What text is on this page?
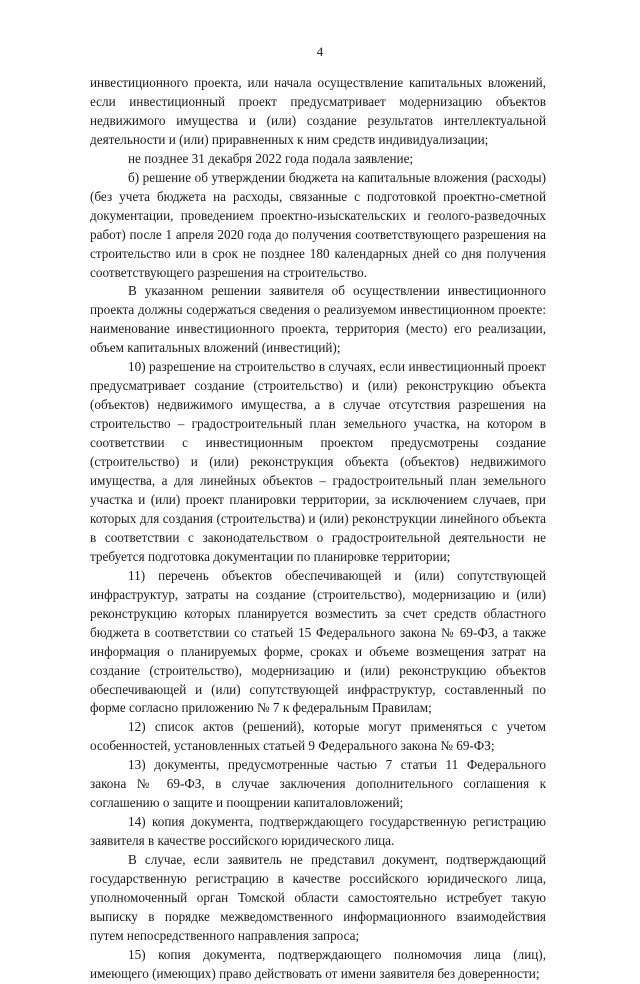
4

инвестиционного проекта, или начала осуществление капитальных вложений, если инвестиционный проект предусматривает модернизацию объектов недвижимого имущества и (или) создание результатов интеллектуальной деятельности и (или) приравненных к ним средств индивидуализации;

не позднее 31 декабря 2022 года подала заявление;

б) решение об утверждении бюджета на капитальные вложения (расходы) (без учета бюджета на расходы, связанные с подготовкой проектно-сметной документации, проведением проектно-изыскательских и геолого-разведочных работ) после 1 апреля 2020 года до получения соответствующего разрешения на строительство или в срок не позднее 180 календарных дней со дня получения соответствующего разрешения на строительство.

В указанном решении заявителя об осуществлении инвестиционного проекта должны содержаться сведения о реализуемом инвестиционном проекте: наименование инвестиционного проекта, территория (место) его реализации, объем капитальных вложений (инвестиций);

10) разрешение на строительство в случаях, если инвестиционный проект предусматривает создание (строительство) и (или) реконструкцию объекта (объектов) недвижимого имущества, а в случае отсутствия разрешения на строительство – градостроительный план земельного участка, на котором в соответствии с инвестиционным проектом предусмотрены создание (строительство) и (или) реконструкция объекта (объектов) недвижимого имущества, а для линейных объектов – градостроительный план земельного участка и (или) проект планировки территории, за исключением случаев, при которых для создания (строительства) и (или) реконструкции линейного объекта в соответствии с законодательством о градостроительной деятельности не требуется подготовка документации по планировке территории;

11) перечень объектов обеспечивающей и (или) сопутствующей инфраструктур, затраты на создание (строительство), модернизацию и (или) реконструкцию которых планируется возместить за счет средств областного бюджета в соответствии со статьей 15 Федерального закона № 69-ФЗ, а также информация о планируемых форме, сроках и объеме возмещения затрат на создание (строительство), модернизацию и (или) реконструкцию объектов обеспечивающей и (или) сопутствующей инфраструктур, составленный по форме согласно приложению № 7 к федеральным Правилам;

12) список актов (решений), которые могут применяться с учетом особенностей, установленных статьей 9 Федерального закона № 69-ФЗ;

13) документы, предусмотренные частью 7 статьи 11 Федерального закона № 69-ФЗ, в случае заключения дополнительного соглашения к соглашению о защите и поощрении капиталовложений;

14) копия документа, подтверждающего государственную регистрацию заявителя в качестве российского юридического лица.

В случае, если заявитель не представил документ, подтверждающий государственную регистрацию в качестве российского юридического лица, уполномоченный орган Томской области самостоятельно истребует такую выписку в порядке межведомственного информационного взаимодействия путем непосредственного направления запроса;

15) копия документа, подтверждающего полномочия лица (лиц), имеющего (имеющих) право действовать от имени заявителя без доверенности;
